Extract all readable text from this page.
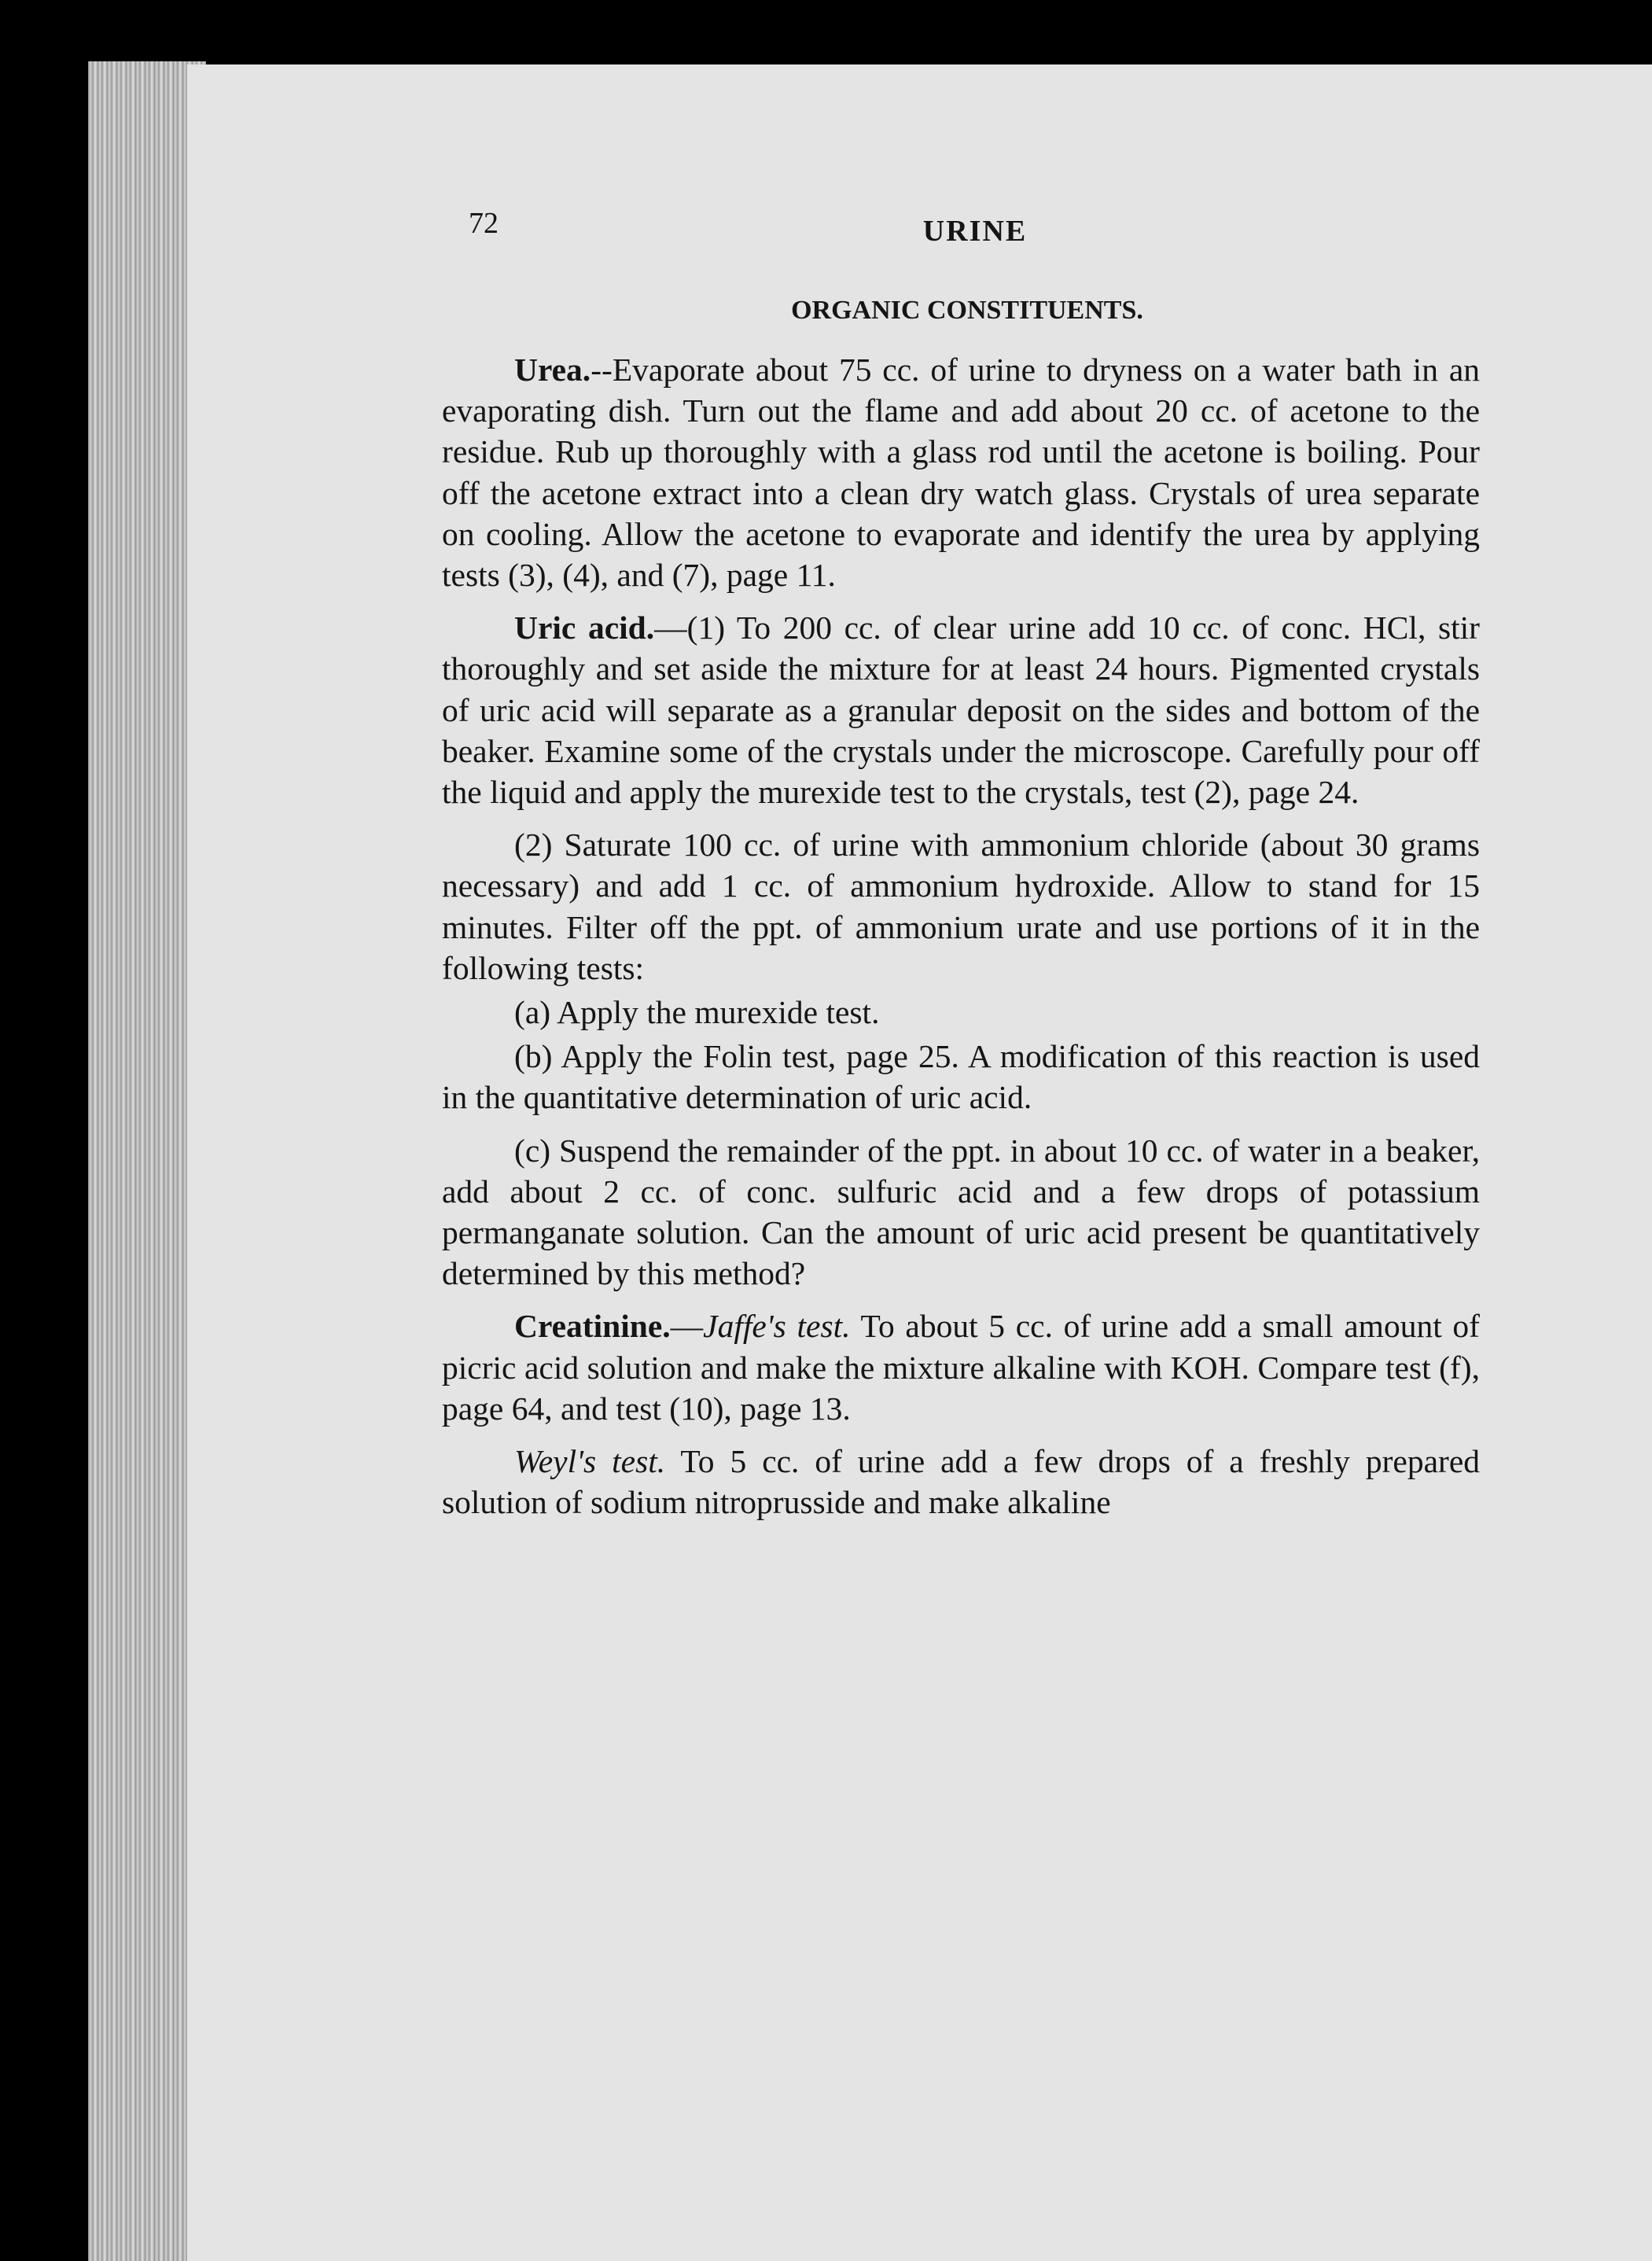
72	URINE
ORGANIC CONSTITUENTS.

Urea.--Evaporate about 75 cc. of urine to dryness on a water bath in an evaporating dish. Turn out the flame and add about 20 cc. of acetone to the residue. Rub up thoroughly with a glass rod until the acetone is boiling. Pour off the acetone extract into a clean dry watch glass. Crystals of urea separate on cooling. Allow the acetone to evaporate and identify the urea by applying tests (3), (4), and (7), page 11.

Uric acid.—(1) To 200 cc. of clear urine add 10 cc. of conc. HCl, stir thoroughly and set aside the mixture for at least 24 hours. Pigmented crystals of uric acid will separate as a granular deposit on the sides and bottom of the beaker. Examine some of the crystals under the microscope. Carefully pour off the liquid and apply the murexide test to the crystals, test (2), page 24.

(2) Saturate 100 cc. of urine with ammonium chloride (about 30 grams necessary) and add 1 cc. of ammonium hydroxide. Allow to stand for 15 minutes. Filter off the ppt. of ammonium urate and use portions of it in the following tests:

(a) Apply the murexide test.

(b) Apply the Folin test, page 25. A modification of this reaction is used in the quantitative determination of uric acid.

(c) Suspend the remainder of the ppt. in about 10 cc. of water in a beaker, add about 2 cc. of conc. sulfuric acid and a few drops of potassium permanganate solution. Can the amount of uric acid present be quantitatively determined by this method?

Creatinine.—Jaffe's test. To about 5 cc. of urine add a small amount of picric acid solution and make the mixture alkaline with KOH. Compare test (f), page 64, and test (10), page 13.

Weyl's test. To 5 cc. of urine add a few drops of a freshly prepared solution of sodium nitroprusside and make alkaline
